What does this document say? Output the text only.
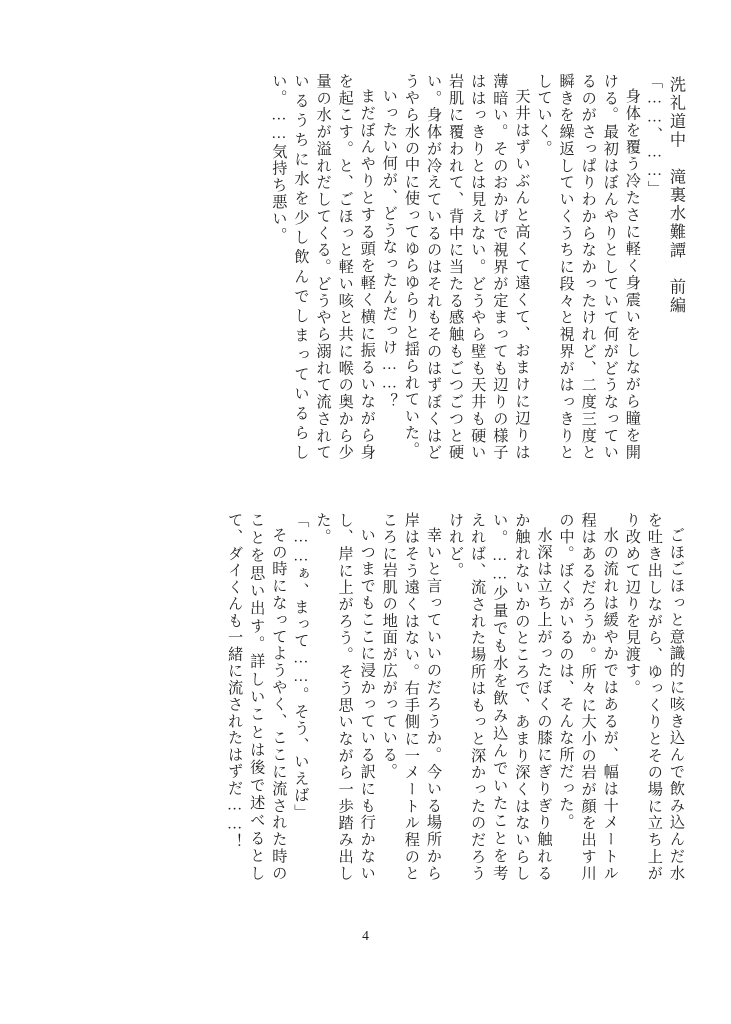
洗礼道中　滝裏水難譚　前編

「……、……」

身体を覆う冷たさに軽く身震いをしながら瞳を開ける。最初はぼんやりとしていて何がどうなっているのがさっぱりわからなかったけれど、二度三度と瞬きを繰返していくうちに段々と視界がはっきりとしていく。

天井はずいぶんと高くて遠くて、おまけに辺りは薄暗い。そのおかげで視界が定まっても辺りの様子ははっきりとは見えない。どうやら壁も天井も硬い岩肌に覆われて、背中に当たる感触もごつごつと硬い。身体が冷えているのはそれもそのはずぼくはどうやら水の中に使ってゆらゆらりと揺られていた。

いったい何が、どうなったんだっけ……？

まだぼんやりとする頭を軽く横に振るいながら身を起こす。と、ごほっと軽い咳と共に喉の奥から少量の水が溢れだしてくる。どうやら溺れて流されているうちに水を少し飲んでしまっているらしい。……気持ち悪い。

ごほごほっと意識的に咳き込んで飲み込んだ水を吐き出しながら、ゆっくりとその場に立ち上がり改めて辺りを見渡す。

水の流れは緩やかではあるが、幅は十メートル程はあるだろうか。所々に大小の岩が顔を出す川の中。ぼくがいるのは、そんな所だった。

水深は立ち上がったぼくの膝にぎりぎり触れるか触れないかのところで、あまり深くはないらしい。……少量でも水を飲み込んでいたことを考えれば、流された場所はもっと深かったのだろうけれど。

幸いと言っていいのだろうか。今いる場所から岸はそう遠くはない。右手側に一メートル程のところに岩肌の地面が広がっている。

いつまでもここに浸かっている訳にも行かないし、岸に上がろう。そう思いながら一歩踏み出した。

「……ぁ、まって……。そう、いえば」

その時になってようやく、ここに流された時のことを思い出す。詳しいことは後で述べるとして、ダイくんも一緒に流されたはずだ……！

4
